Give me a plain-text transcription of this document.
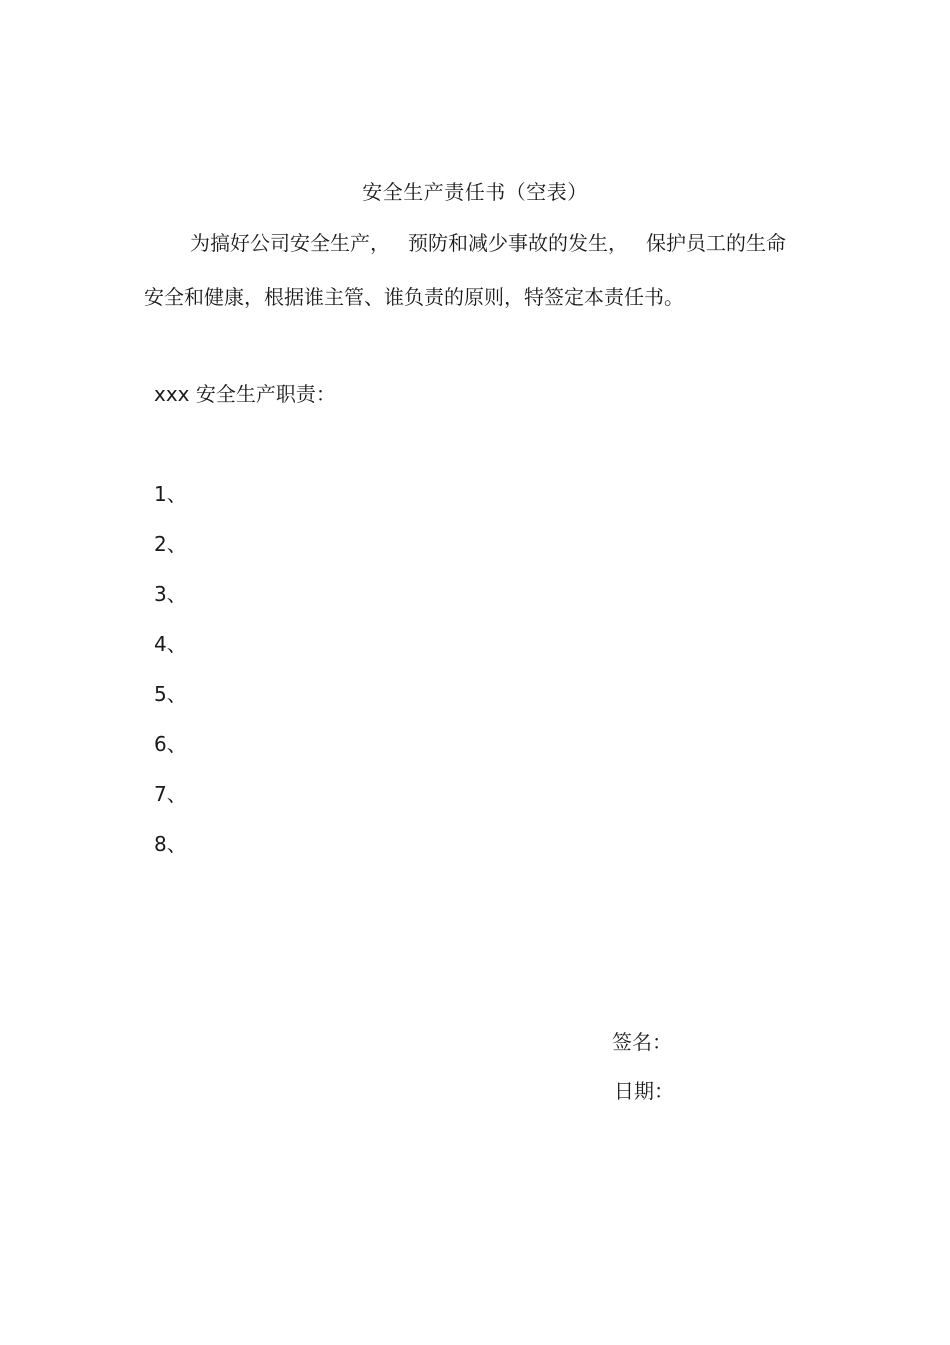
安全生产责任书（空表）
为搞好公司安全生产， 预防和减少事故的发生， 保护员工的生命
安全和健康，根据谁主管、谁负责的原则，特签定本责任书。
xxx 安全生产职责：
1、
2、
3、
4、
5、
6、
7、
8、
签名：
日期：
